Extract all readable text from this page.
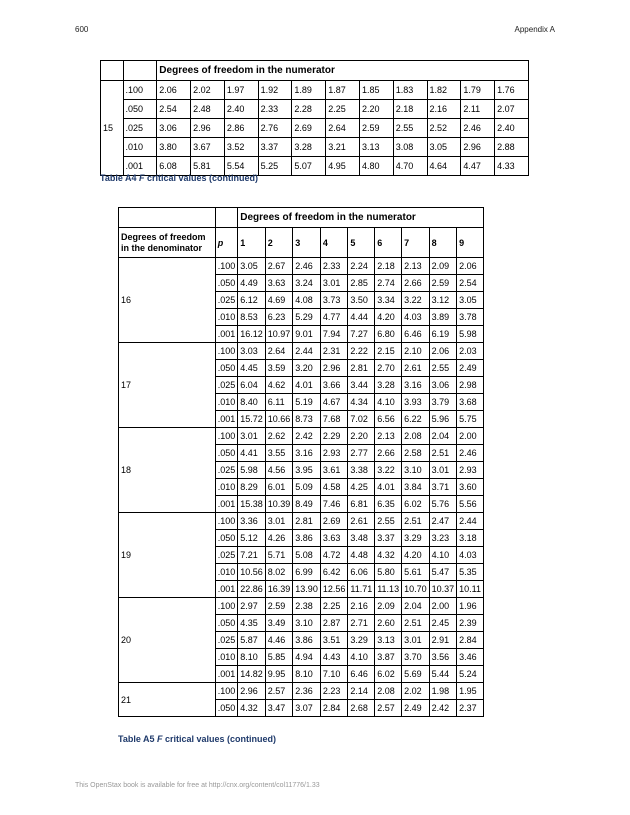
600	Appendix A
		Degrees of freedom in the numerator										
15	.100	2.06	2.02	1.97	1.92	1.89	1.87	1.85	1.83	1.82	1.79	1.76
	.050	2.54	2.48	2.40	2.33	2.28	2.25	2.20	2.18	2.16	2.11	2.07
	.025	3.06	2.96	2.86	2.76	2.69	2.64	2.59	2.55	2.52	2.46	2.40
	.010	3.80	3.67	3.52	3.37	3.28	3.21	3.13	3.08	3.05	2.96	2.88
	.001	6.08	5.81	5.54	5.25	5.07	4.95	4.80	4.70	4.64	4.47	4.33
Table A4 F critical values (continued)
		Degrees of freedom in the numerator								
Degrees of freedom in the denominator	p	1	2	3	4	5	6	7	8	9
16	.100	3.05	2.67	2.46	2.33	2.24	2.18	2.13	2.09	2.06
	.050	4.49	3.63	3.24	3.01	2.85	2.74	2.66	2.59	2.54
	.025	6.12	4.69	4.08	3.73	3.50	3.34	3.22	3.12	3.05
	.010	8.53	6.23	5.29	4.77	4.44	4.20	4.03	3.89	3.78
	.001	16.12	10.97	9.01	7.94	7.27	6.80	6.46	6.19	5.98
17	.100	3.03	2.64	2.44	2.31	2.22	2.15	2.10	2.06	2.03
	.050	4.45	3.59	3.20	2.96	2.81	2.70	2.61	2.55	2.49
	.025	6.04	4.62	4.01	3.66	3.44	3.28	3.16	3.06	2.98
	.010	8.40	6.11	5.19	4.67	4.34	4.10	3.93	3.79	3.68
	.001	15.72	10.66	8.73	7.68	7.02	6.56	6.22	5.96	5.75
18	.100	3.01	2.62	2.42	2.29	2.20	2.13	2.08	2.04	2.00
	.050	4.41	3.55	3.16	2.93	2.77	2.66	2.58	2.51	2.46
	.025	5.98	4.56	3.95	3.61	3.38	3.22	3.10	3.01	2.93
	.010	8.29	6.01	5.09	4.58	4.25	4.01	3.84	3.71	3.60
	.001	15.38	10.39	8.49	7.46	6.81	6.35	6.02	5.76	5.56
19	.100	3.36	3.01	2.81	2.69	2.61	2.55	2.51	2.47	2.44
	.050	5.12	4.26	3.86	3.63	3.48	3.37	3.29	3.23	3.18
	.025	7.21	5.71	5.08	4.72	4.48	4.32	4.20	4.10	4.03
	.010	10.56	8.02	6.99	6.42	6.06	5.80	5.61	5.47	5.35
	.001	22.86	16.39	13.90	12.56	11.71	11.13	10.70	10.37	10.11
20	.100	2.97	2.59	2.38	2.25	2.16	2.09	2.04	2.00	1.96
	.050	4.35	3.49	3.10	2.87	2.71	2.60	2.51	2.45	2.39
	.025	5.87	4.46	3.86	3.51	3.29	3.13	3.01	2.91	2.84
	.010	8.10	5.85	4.94	4.43	4.10	3.87	3.70	3.56	3.46
	.001	14.82	9.95	8.10	7.10	6.46	6.02	5.69	5.44	5.24
21	.100	2.96	2.57	2.36	2.23	2.14	2.08	2.02	1.98	1.95
	.050	4.32	3.47	3.07	2.84	2.68	2.57	2.49	2.42	2.37
Table A5 F critical values (continued)
This OpenStax book is available for free at http://cnx.org/content/col11776/1.33
